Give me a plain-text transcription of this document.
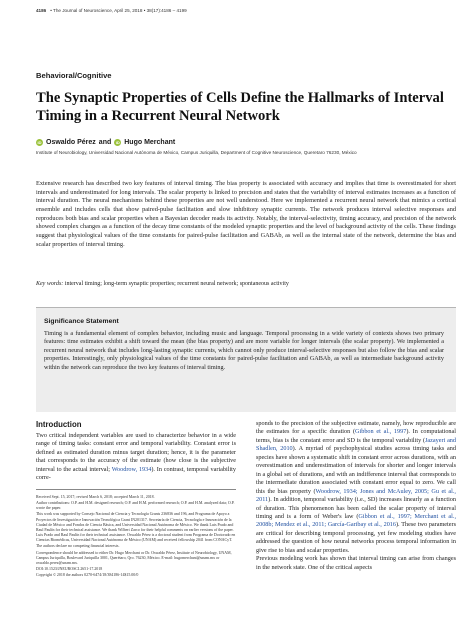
4186 • The Journal of Neuroscience, April 25, 2018 • 38(17):4186 – 4199
Behavioral/Cognitive
The Synaptic Properties of Cells Define the Hallmarks of Interval Timing in a Recurrent Neural Network
iD Oswaldo Pérez and	iD Hugo Merchant
Institute of Neurobiology, Universidad Nacional Autónoma de México, Campus Juriquilla, Department of Cognitive Neuroscience, Queretaro 76230, México

Extensive research has described two key features of interval timing. The bias property is associated with accuracy and implies that time is overestimated for short intervals and underestimated for long intervals. The scalar property is linked to precision and states that the variability of interval estimates increases as a function of interval duration. The neural mechanisms behind these properties are not well understood. Here we implemented a recurrent neural network that mimics a cortical ensemble and includes cells that show paired-pulse facilitation and slow inhibitory synaptic currents. The network produces interval selective responses and reproduces both bias and scalar properties when a Bayesian decoder reads its activity. Notably, the interval-selectivity, timing accuracy, and precision of the network showed complex changes as a function of the decay time constants of the modeled synaptic properties and the level of background activity of the cells. These findings suggest that physiological values of the time constants for paired-pulse facilitation and GABAb, as well as the internal state of the network, determine the bias and scalar properties of interval timing.

Key words: interval timing; long-term synaptic properties; recurrent neural network; spontaneous activity
Significance Statement

Timing is a fundamental element of complex behavior, including music and language. Temporal processing in a wide variety of contexts shows two primary features: time estimates exhibit a shift toward the mean (the bias property) and are more variable for longer intervals (the scalar property). We implemented a recurrent neural network that includes long-lasting synaptic currents, which cannot only produce interval-selective responses but also follow the bias and scalar properties. Interestingly, only physiological values of the time constants for paired-pulse facilitation and GABAb, as well as intermediate background activity within the network can reproduce the two key features of interval timing.

Introduction

Two critical independent variables are used to characterize behavior in a wide range of timing tasks: constant error and temporal variability. Constant error is defined as estimated duration minus target duration; hence, it is the parameter that corresponds to the accuracy of the estimate (how close is the subjective interval to the actual interval; Woodrow, 1934). In contrast, temporal variability corre-

Received Sept. 15, 2017; revised March 6, 2018; accepted March 11, 2018.

Author contributions: O.P. and H.M. designed research; O.P. and H.M. performed research; O.P. and H.M. analyzed data; O.P. wrote the paper.

This work was supported by Consejo Nacional de Ciencia y Tecnología Grants 236836 and 196, and Programa de Apoyo a Proyectos de Investigación e Innovación Tecnológica Grant IN201317. Secretaría de Ciencia, Tecnología e Innovación de la Ciudad de México and Fondos de Ciencia Básica, and Universidad Nacional Autónoma de México. We thank Luis Prado and Raul Paulín for their technical assistance. We thank Wilbert Zarco for their helpful comments on earlier versions of the paper. Luis Prado and Raul Paulín for their technical assistance. Oswaldo Pérez is a doctoral student from Programa de Doctorado en Ciencias Biomédicas, Universidad Nacional Autónoma de México (UNAM) and received fellowship 2041 from CONACyT.

The authors declare no competing financial interests.

Correspondence should be addressed to either Dr. Hugo Merchant or Dr. Oswaldo Pérez, Institute of Neurobiology, UNAM, Campus Juriquilla, Boulevard Juriquilla 3001, Querétaro, Qro. 76230, México. E-mail: hugomerchant@unam.mx or oswaldo.perez@unam.mx.

DOI:10.1523/JNEUROSCI.2651-17.2018

Copyright © 2018 the authors 0270-6474/18/384186-14$15.00/0

sponds to the precision of the subjective estimate, namely, how reproducible are the estimates for a specific duration (Gibbon et al., 1997). In computational terms, bias is the constant error and SD is the temporal variability (Jazayeri and Shadlen, 2010). A myriad of psychophysical studies across timing tasks and species have shown a systematic shift in constant error across durations, with an overestimation and underestimation of intervals for shorter and longer intervals in a global set of durations, and with an indifference interval that corresponds to the intermediate duration associated with constant error equal to zero. We call this the bias property (Woodrow, 1934; Jones and McAuley, 2005; Gu et al., 2011). In addition, temporal variability (i.e., SD) increases linearly as a function of duration. This phenomenon has been called the scalar property of interval timing and is a form of Weber's law (Gibbon et al., 1997; Merchant et al., 2008b; Mendez et al., 2011; García-Garibay et al., 2016). These two parameters are critical for describing temporal processing, yet few modeling studies have addressed the question of how neural networks process temporal information in give rise to bias and scalar properties.
Previous modeling work has shown that interval timing can arise from changes in the network state. One of the critical aspects
